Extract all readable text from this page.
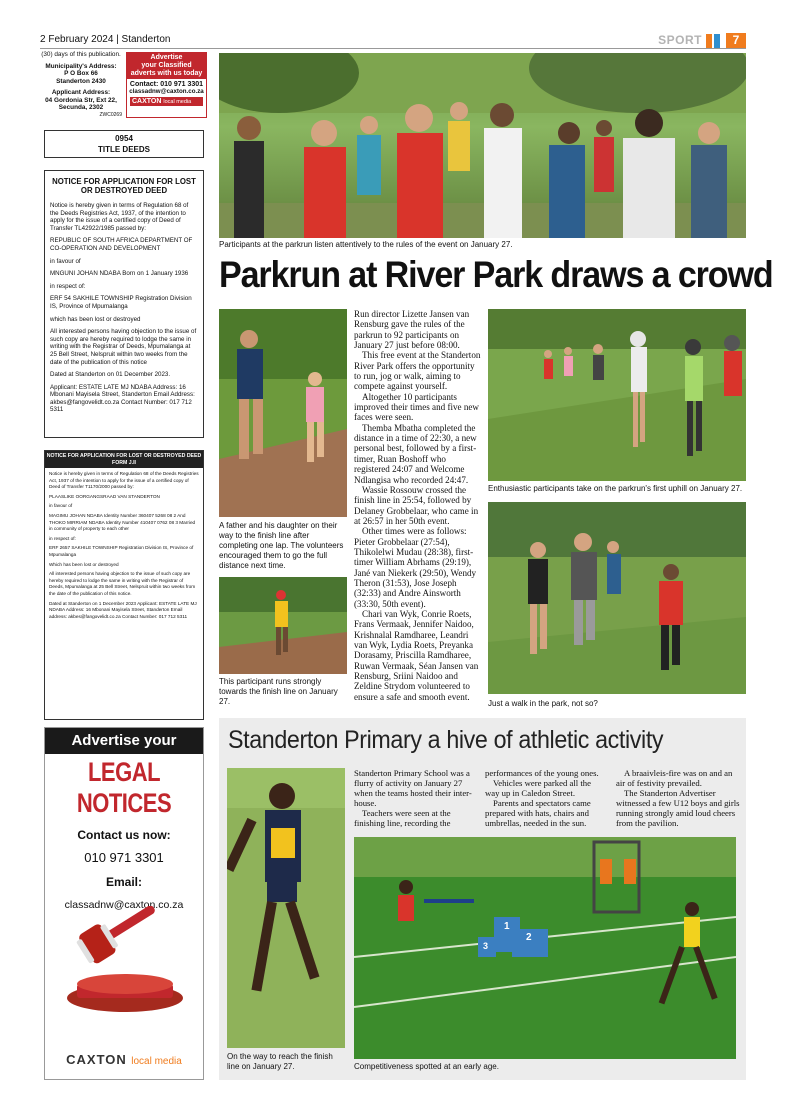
2 February 2024 | Standerton	SPORT	7
(30) days of this publication.
Municipality's Address:
P O Box 66
Standerton 2430
Applicant Address:
04 Gordonia Str, Ext 22,
Secunda, 2302
ZWC0269
Advertise
your Classified
adverts with us today
Contact: 010 971 3301
classadnw@caxton.co.za
CAXTON local media
0954
TITLE DEEDS
NOTICE FOR APPLICATION FOR LOST OR DESTROYED DEED

Notice is hereby given in terms of Regulation 68 of the Deeds Registries Act, 1937, of the intention to apply for the issue of a certified copy of Deed of Transfer TL42922/1985 passed by:

REPUBLIC OF SOUTH AFRICA DEPARTMENT OF CO-OPERATION AND DEVELOPMENT

in favour of

MNGUNI JOHAN NDABA Born on 1 January 1936

in respect of:

ERF 54 SAKHILE TOWNSHIP Registration Division IS, Province of Mpumalanga

which has been lost or destroyed

All interested persons having objection to the issue of such copy are hereby required to lodge the same in writing with the Registrar of Deeds, Mpumalanga at 25 Bell Street, Nelspruit within two weeks from the date of the publication of this notice

Dated at Standerton on 01 December 2023.

Applicant: ESTATE LATE MJ NDABA Address: 16 Mbonani Mayisela Street, Standerton Email Address: akbes@fangovelidt.co.za Contact Number: 017 712 5311

NOTICE FOR APPLICATION FOR LOST OR DESTROYED DEED FORM J.II
Notice is hereby given in terms of Regulation 68 of the Deeds Registries Act, 1937 of the intention to apply for the issue of a certified copy of Deed of Transfer T1170/2000 passed by:
PLAASLIKE OORGANGSRAAD VAN STANDERTON
in favour of
MAGIMU JOHAN NDABA Identity Number 360407 5268 08 2 And THOKO MIRRIAM NDABA Identity Number 410407 0762 08 3 Married in community of property to each other
in respect of:
ERF 2657 SAKHILE TOWNSHIP Registration Division IS, Province of Mpumalanga
Which has been lost or destroyed
All interested persons having objection to the issue of such copy are hereby required to lodge the same in writing with the Registrar of Deeds, Mpumalanga at 25 Bell Street, Nelspruit within two weeks from the date of the publication of this notice.
Dated at Standerton on 1 December 2023 Applicant: ESTATE LATE MJ NDABA Address: 16 Mbonani Mayisela Street, Standerton Email address: akbes@fangovelidt.co.za Contact Number: 017 712 5311
Advertise your
LEGAL NOTICES
Contact us now:
010 971 3301
Email:
classadnw@caxton.co.za
CAXTON local media
Participants at the parkrun listen attentively to the rules of the event on January 27.
Parkrun at River Park draws a crowd
A father and his daughter on their way to the finish line after completing one lap. The volunteers encouraged them to go the full distance next time.
This participant runs strongly towards the finish line on January 27.

Run director Lizette Jansen van Rensburg gave the rules of the parkrun to 92 participants on January 27 just before 08:00.

This free event at the Standerton River Park offers the opportunity to run, jog or walk, aiming to compete against yourself.

Altogether 10 participants improved their times and five new faces were seen.

Themba Mbatha completed the distance in a time of 22:30, a new personal best, followed by a first-timer, Ruan Boshoff who registered 24:07 and Welcome Ndlangisa who recorded 24:47.

Wassie Rossouw crossed the finish line in 25:54, followed by Delaney Grobbelaar, who came in at 26:57 in her 50th event.

Other times were as follows: Pieter Grobbelaar (27:54), Thikolelwi Mudau (28:38), first-timer William Abrhams (29:19), Jané van Niekerk (29:50), Wendy Theron (31:53), Jose Joseph (32:33) and Andre Ainsworth (33:30, 50th event).

Chari van Wyk, Conrie Roets, Frans Vermaak, Jennifer Naidoo, Krishnalal Ramdharee, Leandri van Wyk, Lydia Roets, Preyanka Dorasamy, Priscilla Ramdharee, Ruwan Vermaak, Séan Jansen van Rensburg, Sriini Naidoo and Zeldine Strydom volunteered to ensure a safe and smooth event.

Enthusiastic participants take on the parkrun's first uphill on January 27.
Just a walk in the park, not so?
Standerton Primary a hive of athletic activity

Standerton Primary School was a flurry of activity on January 27 when the teams hosted their inter-house.

Teachers were seen at the finishing line, recording the

performances of the young ones.

Vehicles were parked all the way up in Caledon Street.

Parents and spectators came prepared with hats, chairs and umbrellas, needed in the sun.

A braaivleis-fire was on and an air of festivity prevailed.

The Standerton Advertiser witnessed a few U12 boys and girls running strongly amid loud cheers from the pavilion.

On the way to reach the finish line on January 27.
1
2
3
Competitiveness spotted at an early age.
